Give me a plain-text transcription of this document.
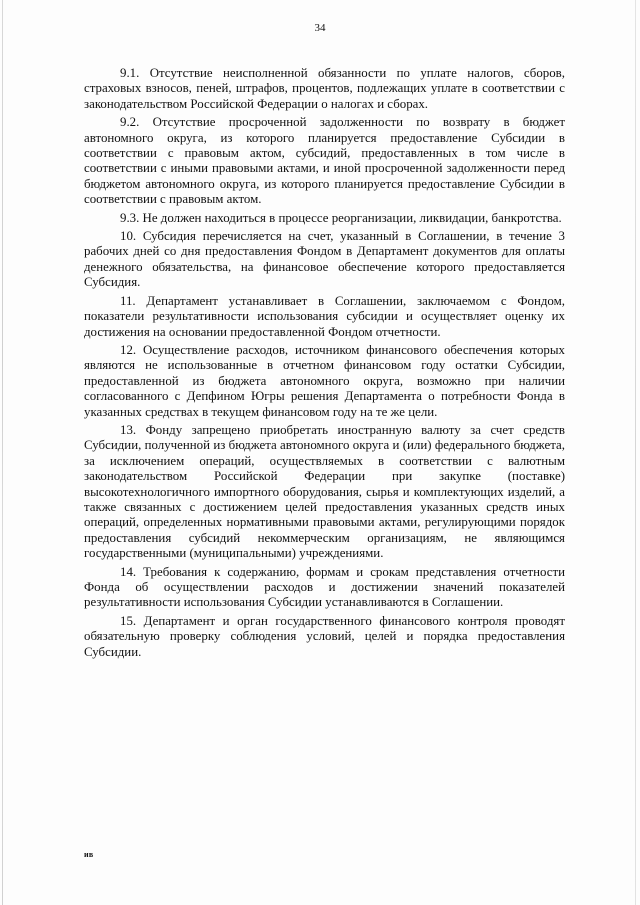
34

9.1. Отсутствие неисполненной обязанности по уплате налогов, сборов, страховых взносов, пеней, штрафов, процентов, подлежащих уплате в соответствии с законодательством Российской Федерации о налогах и сборах.

9.2. Отсутствие просроченной задолженности по возврату в бюджет автономного округа, из которого планируется предоставление Субсидии в соответствии с правовым актом, субсидий, предоставленных в том числе в соответствии с иными правовыми актами, и иной просроченной задолженности перед бюджетом автономного округа, из которого планируется предоставление Субсидии в соответствии с правовым актом.

9.3. Не должен находиться в процессе реорганизации, ликвидации, банкротства.

10. Субсидия перечисляется на счет, указанный в Соглашении, в течение 3 рабочих дней со дня предоставления Фондом в Департамент документов для оплаты денежного обязательства, на финансовое обеспечение которого предоставляется Субсидия.

11. Департамент устанавливает в Соглашении, заключаемом с Фондом, показатели результативности использования субсидии и осуществляет оценку их достижения на основании предоставленной Фондом отчетности.

12. Осуществление расходов, источником финансового обеспечения которых являются не использованные в отчетном финансовом году остатки Субсидии, предоставленной из бюджета автономного округа, возможно при наличии согласованного с Депфином Югры решения Департамента о потребности Фонда в указанных средствах в текущем финансовом году на те же цели.

13. Фонду запрещено приобретать иностранную валюту за счет средств Субсидии, полученной из бюджета автономного округа и (или) федерального бюджета, за исключением операций, осуществляемых в соответствии с валютным законодательством Российской Федерации при закупке (поставке) высокотехнологичного импортного оборудования, сырья и комплектующих изделий, а также связанных с достижением целей предоставления указанных средств иных операций, определенных нормативными правовыми актами, регулирующими порядок предоставления субсидий некоммерческим организациям, не являющимся государственными (муниципальными) учреждениями.

14. Требования к содержанию, формам и срокам представления отчетности Фонда об осуществлении расходов и достижении значений показателей результативности использования Субсидии устанавливаются в Соглашении.

15. Департамент и орган государственного финансового контроля проводят обязательную проверку соблюдения условий, целей и порядка предоставления Субсидии.

ив
